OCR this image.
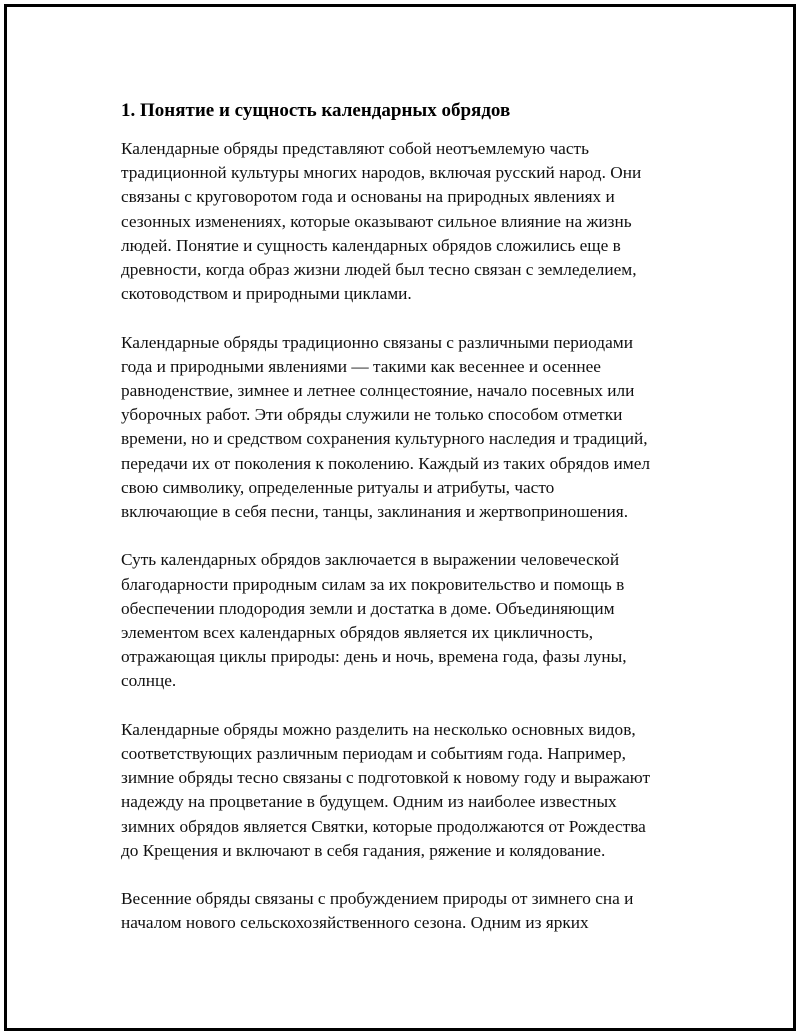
1. Понятие и сущность календарных обрядов

Календарные обряды представляют собой неотъемлемую часть
традиционной культуры многих народов, включая русский народ. Они
связаны с круговоротом года и основаны на природных явлениях и
сезонных изменениях, которые оказывают сильное влияние на жизнь
людей. Понятие и сущность календарных обрядов сложились еще в
древности, когда образ жизни людей был тесно связан с земледелием,
скотоводством и природными циклами.

Календарные обряды традиционно связаны с различными периодами
года и природными явлениями — такими как весеннее и осеннее
равноденствие, зимнее и летнее солнцестояние, начало посевных или
уборочных работ. Эти обряды служили не только способом отметки
времени, но и средством сохранения культурного наследия и традиций,
передачи их от поколения к поколению. Каждый из таких обрядов имел
свою символику, определенные ритуалы и атрибуты, часто
включающие в себя песни, танцы, заклинания и жертвоприношения.

Суть календарных обрядов заключается в выражении человеческой
благодарности природным силам за их покровительство и помощь в
обеспечении плодородия земли и достатка в доме. Объединяющим
элементом всех календарных обрядов является их цикличность,
отражающая циклы природы: день и ночь, времена года, фазы луны,
солнце.

Календарные обряды можно разделить на несколько основных видов,
соответствующих различным периодам и событиям года. Например,
зимние обряды тесно связаны с подготовкой к новому году и выражают
надежду на процветание в будущем. Одним из наиболее известных
зимних обрядов является Святки, которые продолжаются от Рождества
до Крещения и включают в себя гадания, ряжение и колядование.

Весенние обряды связаны с пробуждением природы от зимнего сна и
началом нового сельскохозяйственного сезона. Одним из ярких
